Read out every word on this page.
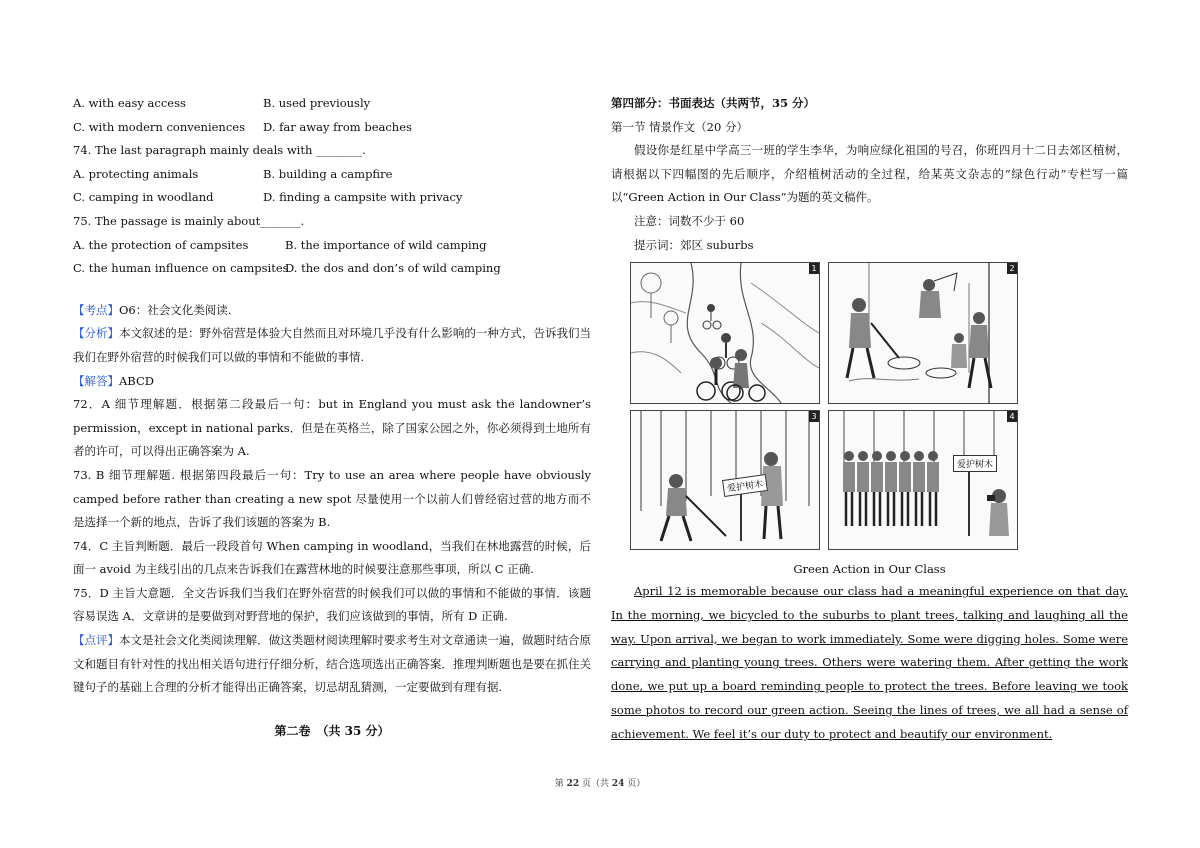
A. with easy access	B. used previously
C. with modern conveniences D. far away from beaches
74. The last paragraph mainly deals with ________.
A. protecting animals	B. building a campfire
C. camping in woodland	D. finding a campsite with privacy
75. The passage is mainly about_______.
A. the protection of campsites	B. the importance of wild camping
C. the human influence on campsitesD. the dos and don’s of wild camping
【考点】O6：社会文化类阅读.
【分析】本文叙述的是：野外宿营是体验大自然而且对环境几乎没有什么影响的一种方式，告诉我们当我们在野外宿营的时候我们可以做的事情和不能做的事情.
【解答】ABCD
72．A 细节理解题．根据第二段最后一句：but in England you must ask the landowner’s permission，except in national parks．但是在英格兰，除了国家公园之外，你必须得到土地所有者的许可，可以得出正确答案为 A.
73. B 细节理解题. 根据第四段最后一句：Try to use an area where people have obviously camped before rather than creating a new spot 尽量使用一个以前人们曾经宿过营的地方而不是选择一个新的地点，告诉了我们该题的答案为 B.
74．C 主旨判断题．最后一段段首句 When camping in woodland，当我们在林地露营的时候，后面一 avoid 为主线引出的几点来告诉我们在露营林地的时候要注意那些事项，所以 C 正确.
75．D 主旨大意题．全文告诉我们当我们在野外宿营的时候我们可以做的事情和不能做的事情．该题容易误选 A．文章讲的是要做到对野营地的保护，我们应该做到的事情，所有 D 正确.
【点评】本文是社会文化类阅读理解．做这类题材阅读理解时要求考生对文章通读一遍，做题时结合原文和题目有针对性的找出相关语句进行仔细分析，结合选项选出正确答案．推理判断题也是要在抓住关键句子的基础上合理的分析才能得出正确答案，切忌胡乱猜测，一定要做到有理有据.
第二卷　（共 35 分）
第四部分：书面表达（共两节，35 分）
第一节 情景作文（20 分）
假设你是红星中学高三一班的学生李华，为响应绿化祖国的号召，你班四月十二日去郊区植树，请根据以下四幅图的先后顺序，介绍植树活动的全过程，给某英文杂志的“绿色行动”专栏写一篇以“Green Action in Our Class”为题的英文稿件。
注意：词数不少于 60
提示词：郊区 suburbs
1	2
3
爱护树木
4
爱护树木
Green Action in Our Class
April 12 is memorable because our class had a meaningful experience on that day. In the morning, we bicycled to the suburbs to plant trees, talking and laughing all the way. Upon arrival, we began to work immediately. Some were digging holes. Some were carrying and planting young trees. Others were watering them. After getting the work done, we put up a board reminding people to protect the trees. Before leaving we took some photos to record our green action. Seeing the lines of trees, we all had a sense of achievement. We feel it’s our duty to protect and beautify our environment.
第 22 页（共 24 页）
